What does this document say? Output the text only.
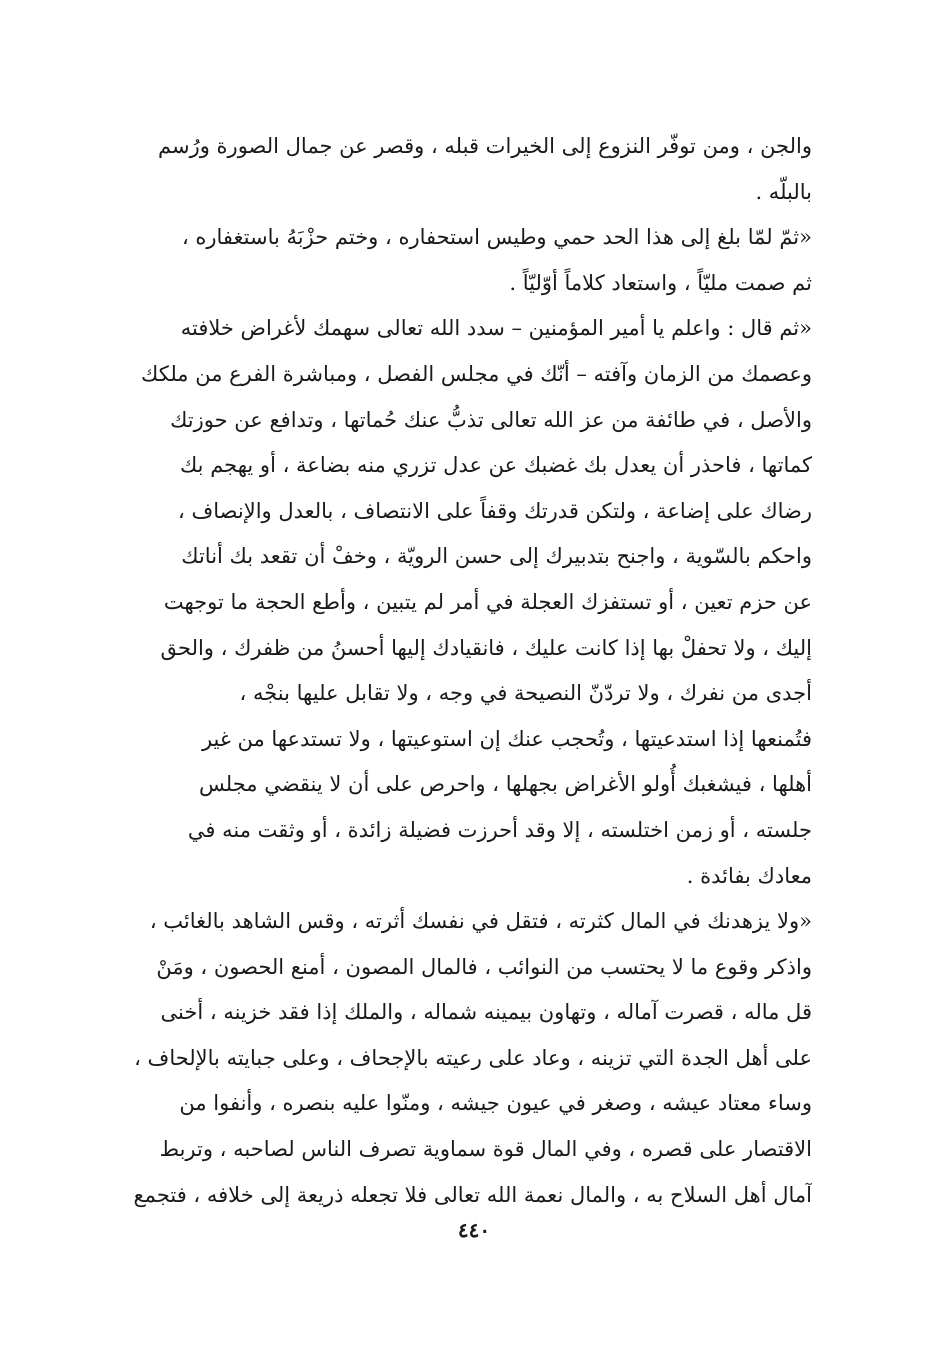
والجن ، ومن توفّر النزوع إلى الخيرات قبله ، وقصر عن جمال الصورة ورُسم
بالبلّه .
«ثمّ لمّا بلغ إلى هذا الحد حمي وطيس استحفاره ، وختم حزْبَهُ باستغفاره ،
ثم صمت مليّاً ، واستعاد كلاماً أوّليّاً .
«ثم قال : واعلم يا أمير المؤمنين – سدد الله تعالى سهمك لأغراض خلافته
وعصمك من الزمان وآفته – أنّك في مجلس الفصل ، ومباشرة الفرع من ملكك
والأصل ، في طائفة من عز الله تعالى تذبُّ عنك حُماتها ، وتدافع عن حوزتك
كماتها ، فاحذر أن يعدل بك غضبك عن عدل تزري منه بضاعة ، أو يهجم بك
رضاك على إضاعة ، ولتكن قدرتك وقفاً على الانتصاف ، بالعدل والإنصاف ،
واحكم بالسّوية ، واجنح بتدبيرك إلى حسن الرويّة ، وخفْ أن تقعد بك أناتك
عن حزم تعين ، أو تستفزك العجلة في أمر لم يتبين ، وأطع الحجة ما توجهت
إليك ، ولا تحفلْ بها إذا كانت عليك ، فانقيادك إليها أحسنُ من ظفرك ، والحق
أجدى من نفرك ، ولا تردّنّ النصيحة في وجه ، ولا تقابل عليها بنجْه ،
فتُمنعها إذا استدعيتها ، وتُحجب عنك إن استوعيتها ، ولا تستدعها من غير
أهلها ، فيشغبك أُولو الأغراض بجهلها ، واحرص على أن لا ينقضي مجلس
جلسته ، أو زمن اختلسته ، إلا وقد أحرزت فضيلة زائدة ، أو وثقت منه في
معادك بفائدة .
«ولا يزهدنك في المال كثرته ، فتقل في نفسك أثرته ، وقس الشاهد بالغائب ،
واذكر وقوع ما لا يحتسب من النوائب ، فالمال المصون ، أمنع الحصون ، ومَنْ
قل ماله ، قصرت آماله ، وتهاون بيمينه شماله ، والملك إذا فقد خزينه ، أخنى
على أهل الجدة التي تزينه ، وعاد على رعيته بالإجحاف ، وعلى جبايته بالإلحاف ،
وساء معتاد عيشه ، وصغر في عيون جيشه ، ومنّوا عليه بنصره ، وأنفوا من
الاقتصار على قصره ، وفي المال قوة سماوية تصرف الناس لصاحبه ، وتربط
آمال أهل السلاح به ، والمال نعمة الله تعالى فلا تجعله ذريعة إلى خلافه ، فتجمع
٤٤٠
